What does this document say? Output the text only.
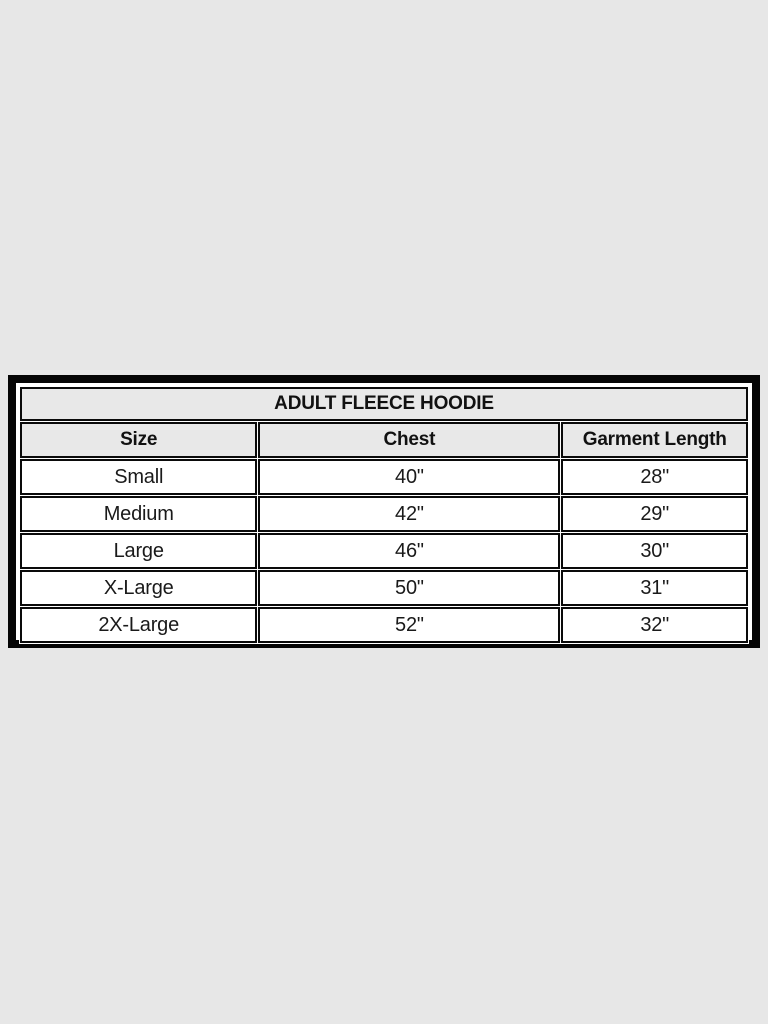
ADULT FLEECE HOODIE		
Size	Chest	Garment Length
Small	40"	28"
Medium	42"	29"
Large	46"	30"
X-Large	50"	31"
2X-Large	52"	32"
